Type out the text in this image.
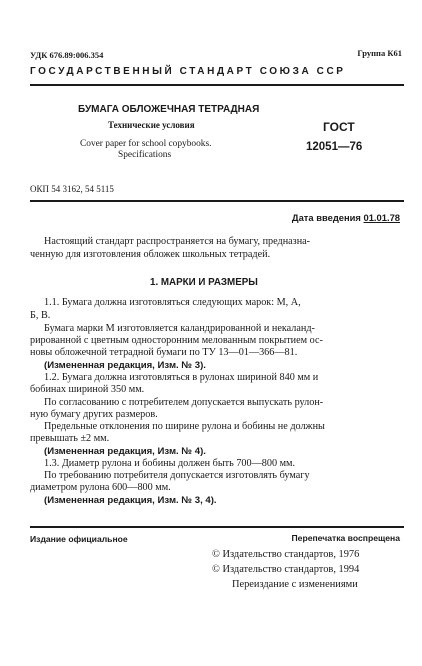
УДК 676.89:006.354	Группа К61
ГОСУДАРСТВЕННЫЙ СТАНДАРТ СОЮЗА ССР
БУМАГА ОБЛОЖЕЧНАЯ ТЕТРАДНАЯ
Технические условия
Cover paper for school copybooks.
Specifications
ГОСТ
12051—76
ОКП 54 3162, 54 5115
Дата введения 01.01.78
Настоящий стандарт распространяется на бумагу, предназна-
ченную для изготовления обложек школьных тетрадей.
1. МАРКИ И РАЗМЕРЫ
1.1. Бумага должна изготовляться следующих марок: М, А,
Б, В.
Бумага марки М изготовляется каландрированной и некаланд-
рированной с цветным односторонним мелованным покрытием ос-
новы обложечной тетрадной бумаги по ТУ 13—01—366—81.
(Измененная редакция, Изм. № 3).
1.2. Бумага должна изготовляться в рулонах шириной 840 мм и
бобинах шириной 350 мм.
По согласованию с потребителем допускается выпускать рулон-
ную бумагу других размеров.
Предельные отклонения по ширине рулона и бобины не должны
превышать ±2 мм.
(Измененная редакция, Изм. № 4).
1.3. Диаметр рулона и бобины должен быть 700—800 мм.
По требованию потребителя допускается изготовлять бумагу
диаметром рулона 600—800 мм.
(Измененная редакция, Изм. № 3, 4).
Издание официальное	Перепечатка воспрещена
© Издательство стандартов, 1976
© Издательство стандартов, 1994
Переиздание с изменениями
